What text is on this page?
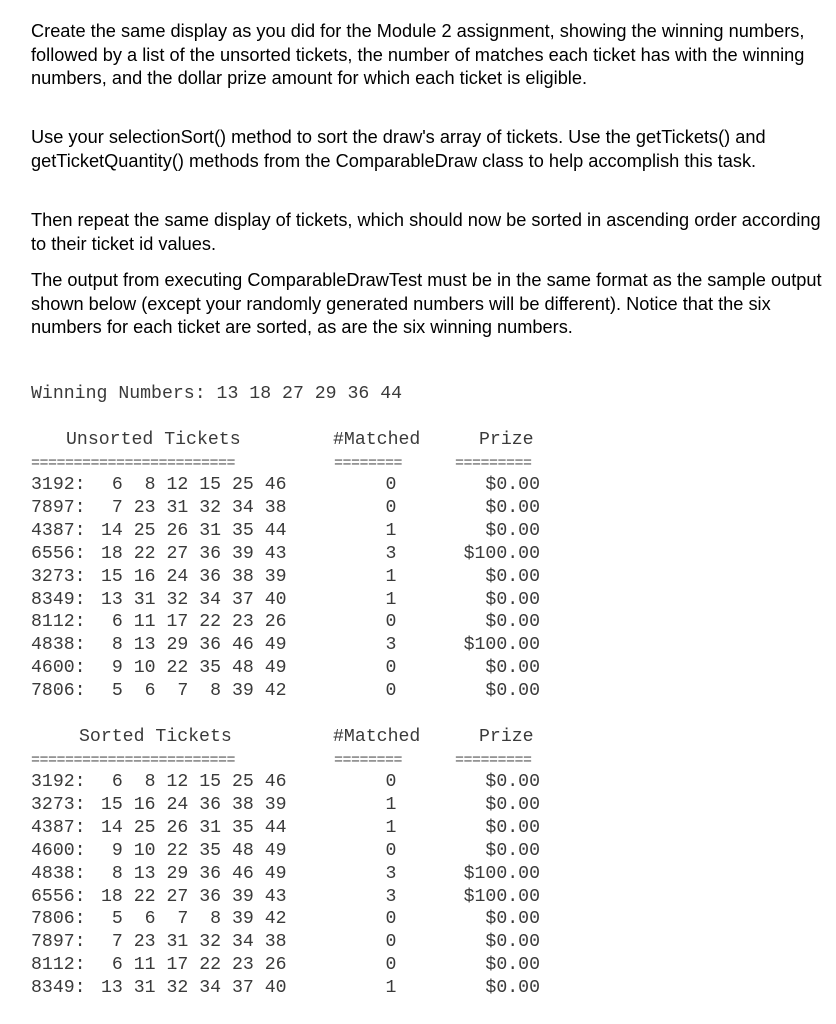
Create the same display as you did for the Module 2 assignment, showing the winning numbers, followed by a list of the unsorted tickets, the number of matches each ticket has with the winning numbers, and the dollar prize amount for which each ticket is eligible.

Use your selectionSort() method to sort the draw's array of tickets. Use the getTickets() and getTicketQuantity() methods from the ComparableDraw class to help accomplish this task.

Then repeat the same display of tickets, which should now be sorted in ascending order according to their ticket id values.

The output from executing ComparableDrawTest must be in the same format as the sample output shown below (except your randomly generated numbers will be different). Notice that the six numbers for each ticket are sorted, as are the six winning numbers.

Winning Numbers: 13 18 27 29 36 44
Unsorted Tickets	#Matched	Prize
========================	========	=========
3192: 6  8 12 15 25 46	0	$0.00
7897: 7 23 31 32 34 38	0	$0.00
4387: 14 25 26 31 35 44	1	$0.00
6556: 18 22 27 36 39 43	3	$100.00
3273: 15 16 24 36 38 39	1	$0.00
8349: 13 31 32 34 37 40	1	$0.00
8112: 6 11 17 22 23 26	0	$0.00
4838: 8 13 29 36 46 49	3	$100.00
4600: 9 10 22 35 48 49	0	$0.00
7806: 5  6  7  8 39 42	0	$0.00
Sorted Tickets	#Matched	Prize
========================	========	=========
3192: 6  8 12 15 25 46	0	$0.00
3273: 15 16 24 36 38 39	1	$0.00
4387: 14 25 26 31 35 44	1	$0.00
4600: 9 10 22 35 48 49	0	$0.00
4838: 8 13 29 36 46 49	3	$100.00
6556: 18 22 27 36 39 43	3	$100.00
7806: 5  6  7  8 39 42	0	$0.00
7897: 7 23 31 32 34 38	0	$0.00
8112: 6 11 17 22 23 26	0	$0.00
8349: 13 31 32 34 37 40	1	$0.00
